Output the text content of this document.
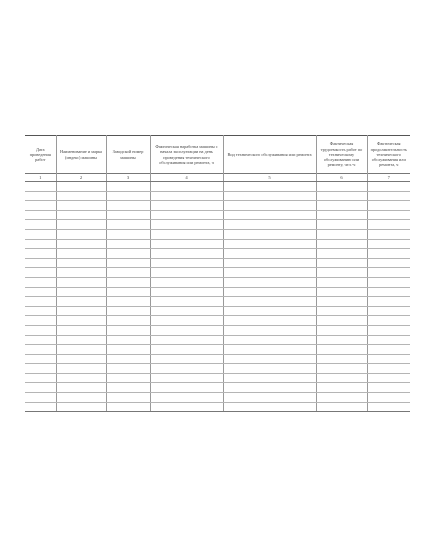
Дата проведения работ	Наименование и марка (индекс) машины	Заводской номер машины	Фактическая наработка машины с начала эксплуатации на день проведения технического обслуживания или ремонта, ч	Вид технического обслуживания или ремонта	Фактическая трудоемкость работ по техническому обслуживанию или ремонту, чел.-ч	Фактическая продолжительность технического обслуживания или ремонта, ч
1	2	3	4	5	6	7
